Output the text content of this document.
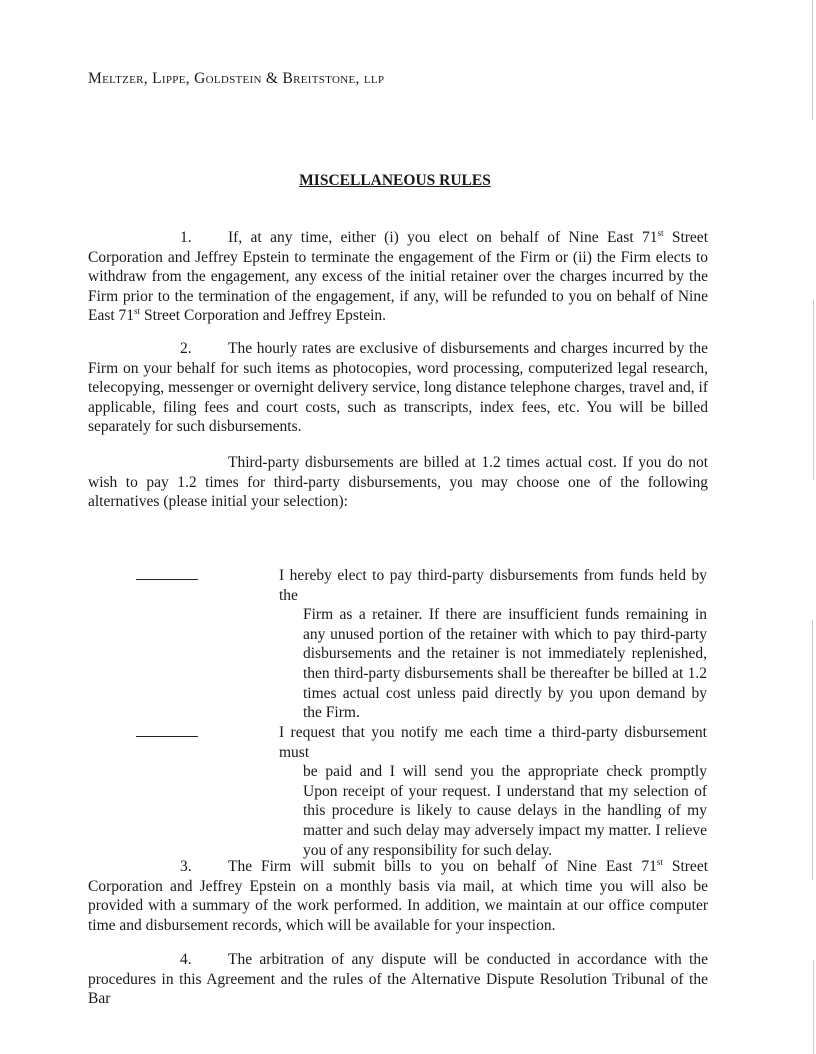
Meltzer, Lippe, Goldstein & Breitstone, llp
MISCELLANEOUS RULES
1. If, at any time, either (i) you elect on behalf of Nine East 71st Street Corporation and Jeffrey Epstein to terminate the engagement of the Firm or (ii) the Firm elects to withdraw from the engagement, any excess of the initial retainer over the charges incurred by the Firm prior to the termination of the engagement, if any, will be refunded to you on behalf of Nine East 71st Street Corporation and Jeffrey Epstein.
2. The hourly rates are exclusive of disbursements and charges incurred by the Firm on your behalf for such items as photocopies, word processing, computerized legal research, telecopying, messenger or overnight delivery service, long distance telephone charges, travel and, if applicable, filing fees and court costs, such as transcripts, index fees, etc. You will be billed separately for such disbursements.
Third-party disbursements are billed at 1.2 times actual cost. If you do not wish to pay 1.2 times for third-party disbursements, you may choose one of the following alternatives (please initial your selection):
I hereby elect to pay third-party disbursements from funds held by the
Firm as a retainer. If there are insufficient funds remaining in any unused portion of the retainer with which to pay third-party disbursements and the retainer is not immediately replenished, then third-party disbursements shall be thereafter be billed at 1.2 times actual cost unless paid directly by you upon demand by the Firm.
I request that you notify me each time a third-party disbursement must
be paid and I will send you the appropriate check promptly Upon receipt of your request. I understand that my selection of this procedure is likely to cause delays in the handling of my matter and such delay may adversely impact my matter. I relieve you of any responsibility for such delay.
3. The Firm will submit bills to you on behalf of Nine East 71st Street Corporation and Jeffrey Epstein on a monthly basis via mail, at which time you will also be provided with a summary of the work performed. In addition, we maintain at our office computer time and disbursement records, which will be available for your inspection.
4. The arbitration of any dispute will be conducted in accordance with the procedures in this Agreement and the rules of the Alternative Dispute Resolution Tribunal of the Bar
